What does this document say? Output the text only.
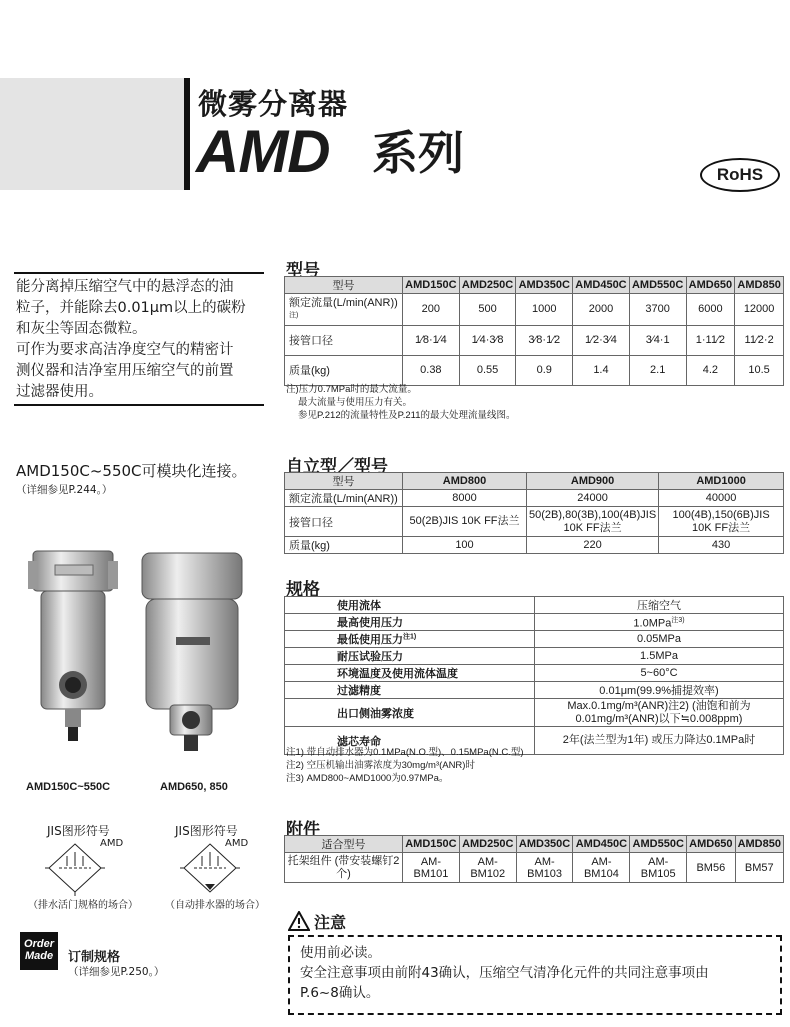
微雾分离器
AMD 系列	RoHS

能分离掉压缩空气中的悬浮态的油

粒子，并能除去0.01μm以上的碳粉

和灰尘等固态微粒。

可作为要求高洁净度空气的精密计

测仪器和洁净室用压缩空气的前置

过滤器使用。

AMD150C~550C可模块化连接。
（详细参见P.244。）
AMD150C~550C	AMD650, 850
JIS图形符号
AMD
（排水活门规格的场合）
JIS图形符号
AMD
（自动排水器的场合）
Order Made	订制规格
（详细参见P.250。）
型号
型号	AMD150C	AMD250C	AMD350C	AMD450C	AMD550C	AMD650	AMD850
额定流量$(L/\min(ANR))^{注)}$	200	500	1000	2000	3700	6000	12000
接管口径	1⁄8·1⁄4	1⁄4·3⁄8	3⁄8·1⁄2	1⁄2·3⁄4	3⁄4·1	1·11⁄2	11⁄2·2
质量(kg)	0.38	0.55	0.9	1.4	2.1	4.2	10.5
注)压力0.7MPa时的最大流量。
最大流量与使用压力有关。
参见P.212的流量特性及P.211的最大处理流量线图。
自立型／型号
型号	AMD800	AMD900	AMD1000
额定流量(L/min(ANR))	8000	24000	40000
接管口径	50(2B)JIS 10K FF法兰	50(2B),80(3B),100(4B)JIS 10K FF法兰	100(4B),150(6B)JIS 10K FF法兰
质量(kg)	100	220	430
规格
使用流体	压缩空气
最高使用压力	1.0MPa$^{注3)}$
最低使用压力$^{注1)}$	0.05MPa
耐压试验压力	1.5MPa
环境温度及使用流体温度	5~60°C
过滤精度	0.01μm(99.9%捕提效率)
出口侧油雾浓度	Max.0.1mg/m³(ANR)注2) (油饱和前为0.01mg/m³(ANR)以下≒0.008ppm)
滤芯寿命	2年(法兰型为1年) 或压力降达0.1MPa时
注1) 带自动排水器为0.1MPa(N.O.型)、0.15MPa(N.C.型)
注2) 空压机输出油雾浓度为30mg/m³(ANR)时
注3) AMD800~AMD1000为0.97MPa。
附件
适合型号	AMD150C	AMD250C	AMD350C	AMD450C	AMD550C	AMD650	AMD850
托架组件 (带安装螺钉2个)	AM-BM101	AM-BM102	AM-BM103	AM-BM104	AM-BM105	BM56	BM57
注意
使用前必读。
安全注意事项由前附43确认，压缩空气清净化元件的共同注意事项由
P.6~8确认。
